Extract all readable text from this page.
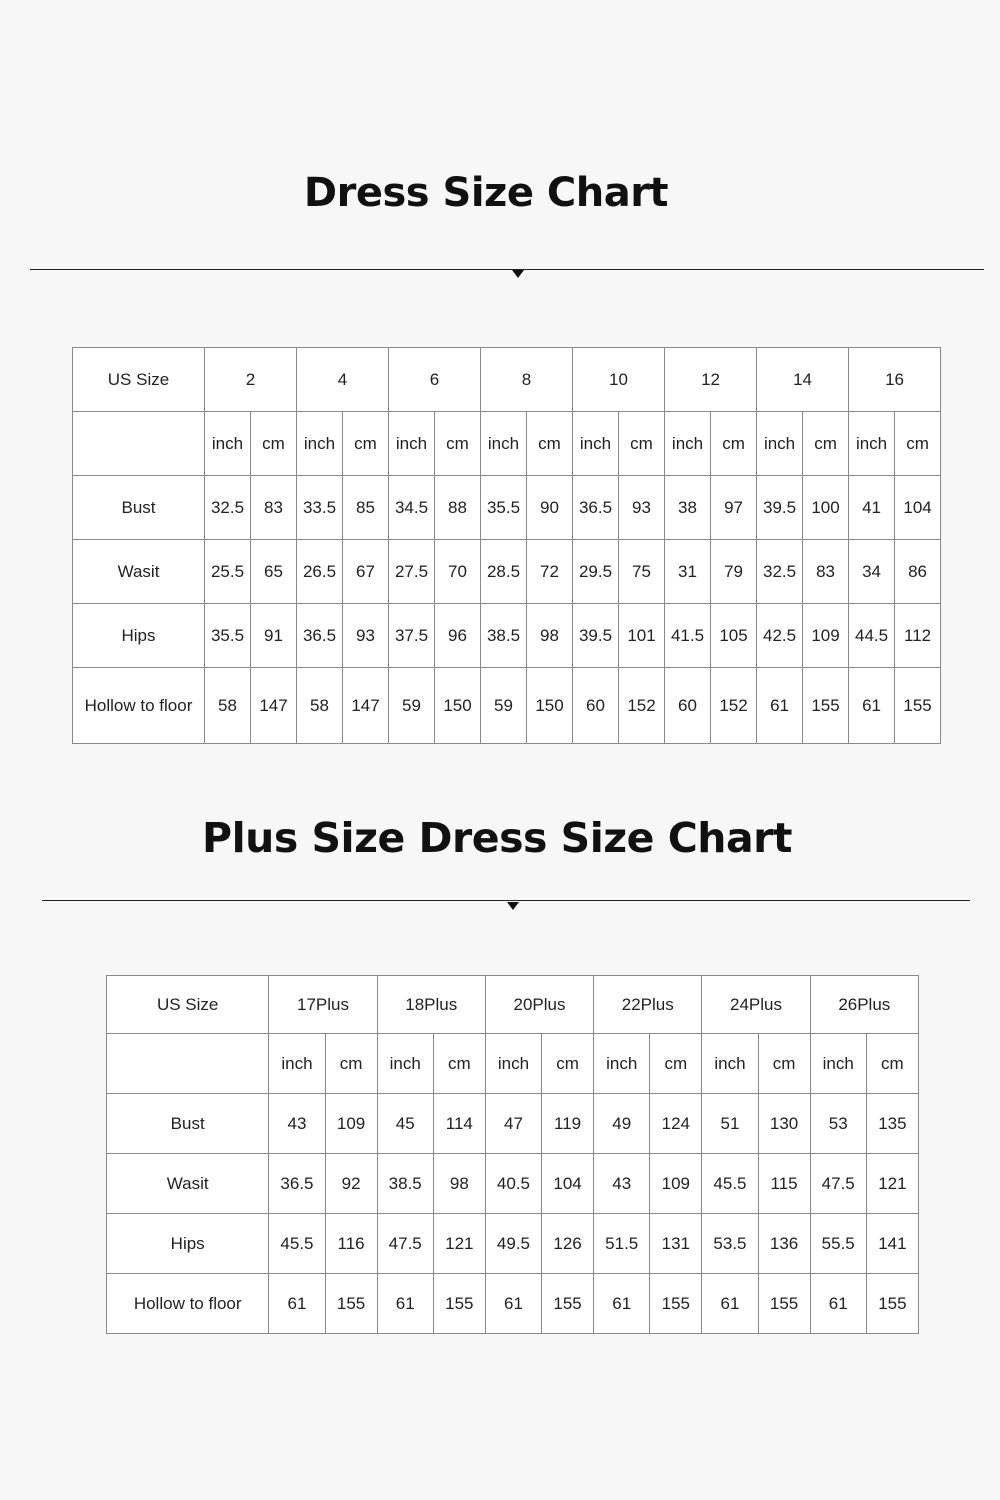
Dress Size Chart
US Size	2		4		6		8		10		12		14		16	
	inch	cm	inch	cm	inch	cm	inch	cm	inch	cm	inch	cm	inch	cm	inch	cm
Bust	32.5	83	33.5	85	34.5	88	35.5	90	36.5	93	38	97	39.5	100	41	104
Wasit	25.5	65	26.5	67	27.5	70	28.5	72	29.5	75	31	79	32.5	83	34	86
Hips	35.5	91	36.5	93	37.5	96	38.5	98	39.5	101	41.5	105	42.5	109	44.5	112
Hollow to floor	58	147	58	147	59	150	59	150	60	152	60	152	61	155	61	155
Plus Size Dress Size Chart
US Size	17Plus		18Plus		20Plus		22Plus		24Plus		26Plus	
	inch	cm	inch	cm	inch	cm	inch	cm	inch	cm	inch	cm
Bust	43	109	45	114	47	119	49	124	51	130	53	135
Wasit	36.5	92	38.5	98	40.5	104	43	109	45.5	115	47.5	121
Hips	45.5	116	47.5	121	49.5	126	51.5	131	53.5	136	55.5	141
Hollow to floor	61	155	61	155	61	155	61	155	61	155	61	155
